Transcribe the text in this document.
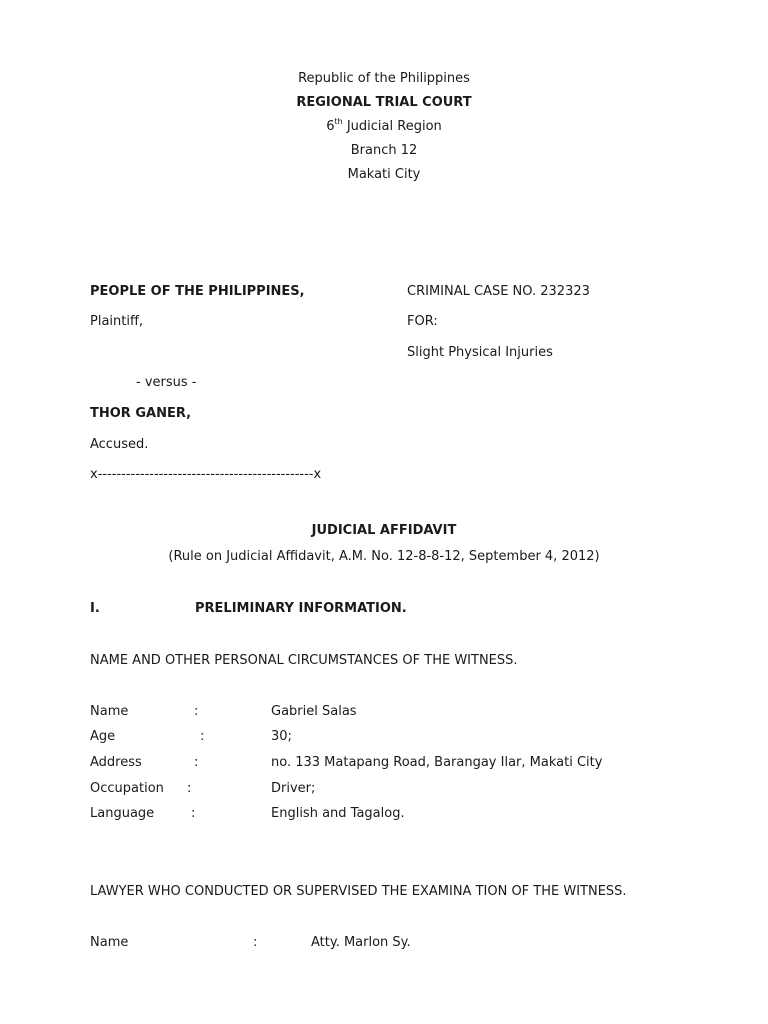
Republic of the Philippines
REGIONAL TRIAL COURT
6th Judicial Region
Branch 12
Makati City
PEOPLE OF THE PHILIPPINES,	CRIMINAL CASE NO. 232323
Plaintiff,	FOR:
Slight Physical Injuries
- versus -
THOR GANER,
Accused.
x----------------------------------------------x
JUDICIAL AFFIDAVIT
(Rule on Judicial Affidavit, A.M. No. 12-8-8-12, September 4, 2012)
I.	PRELIMINARY INFORMATION.
NAME AND OTHER PERSONAL CIRCUMSTANCES OF THE WITNESS.
Name	:	Gabriel Salas
Age	:	30;
Address	:	no. 133 Matapang Road, Barangay Ilar, Makati City
Occupation :	Driver;
Language	:	English and Tagalog.
LAWYER WHO CONDUCTED OR SUPERVISED THE EXAMINA TION OF THE WITNESS.
Name	:	Atty. Marlon Sy.
